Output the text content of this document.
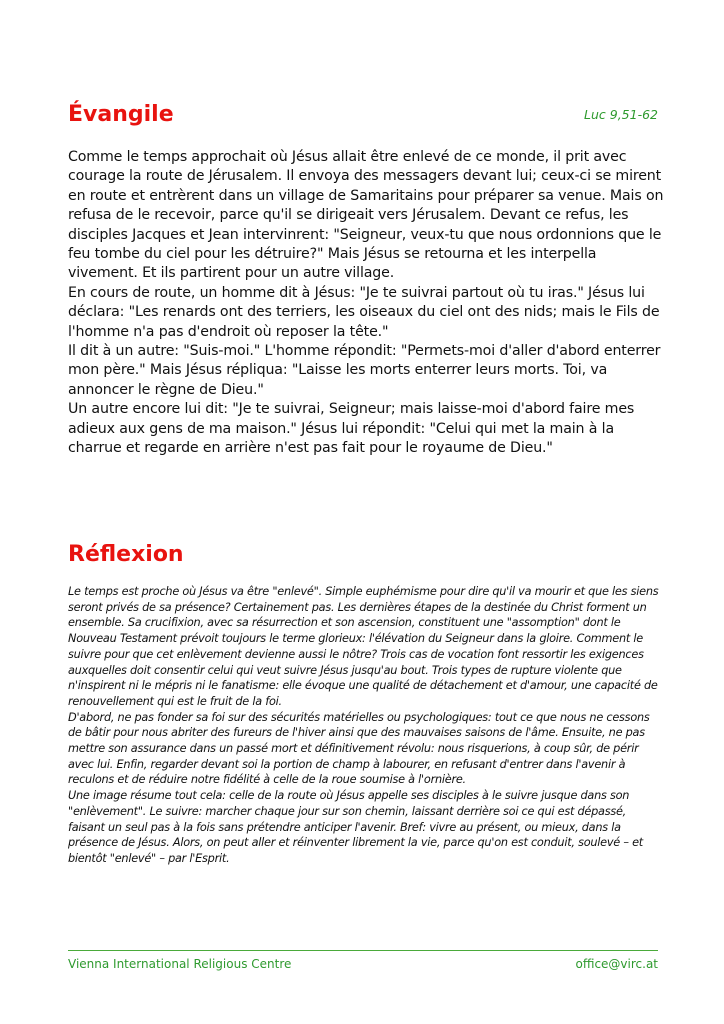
Évangile	Luc 9,51-62

Comme le temps approchait où Jésus allait être enlevé de ce monde, il prit avec courage la route de Jérusalem. Il envoya des messagers devant lui; ceux-ci se mirent en route et entrèrent dans un village de Samaritains pour préparer sa venue. Mais on refusa de le recevoir, parce qu'il se dirigeait vers Jérusalem. Devant ce refus, les disciples Jacques et Jean intervinrent: "Seigneur, veux-tu que nous ordonnions que le feu tombe du ciel pour les détruire?" Mais Jésus se retourna et les interpella vivement. Et ils partirent pour un autre village.

En cours de route, un homme dit à Jésus: "Je te suivrai partout où tu iras." Jésus lui déclara: "Les renards ont des terriers, les oiseaux du ciel ont des nids; mais le Fils de l'homme n'a pas d'endroit où reposer la tête."

Il dit à un autre: "Suis-moi." L'homme répondit: "Permets-moi d'aller d'abord enterrer mon père." Mais Jésus répliqua: "Laisse les morts enterrer leurs morts. Toi, va annoncer le règne de Dieu."

Un autre encore lui dit: "Je te suivrai, Seigneur; mais laisse-moi d'abord faire mes adieux aux gens de ma maison." Jésus lui répondit: "Celui qui met la main à la charrue et regarde en arrière n'est pas fait pour le royaume de Dieu."

Réflexion

Le temps est proche où Jésus va être "enlevé". Simple euphémisme pour dire qu'il va mourir et que les siens seront privés de sa présence? Certainement pas. Les dernières étapes de la destinée du Christ forment un ensemble. Sa crucifixion, avec sa résurrection et son ascension, constituent une "assomption" dont le Nouveau Testament prévoit toujours le terme glorieux: l'élévation du Seigneur dans la gloire. Comment le suivre pour que cet enlèvement devienne aussi le nôtre? Trois cas de vocation font ressortir les exigences auxquelles doit consentir celui qui veut suivre Jésus jusqu'au bout. Trois types de rupture violente que n'inspirent ni le mépris ni le fanatisme: elle évoque une qualité de détachement et d'amour, une capacité de renouvellement qui est le fruit de la foi.

D'abord, ne pas fonder sa foi sur des sécurités matérielles ou psychologiques: tout ce que nous ne cessons de bâtir pour nous abriter des fureurs de l'hiver ainsi que des mauvaises saisons de l'âme. Ensuite, ne pas mettre son assurance dans un passé mort et définitivement révolu: nous risquerions, à coup sûr, de périr avec lui. Enfin, regarder devant soi la portion de champ à labourer, en refusant d'entrer dans l'avenir à reculons et de réduire notre fidélité à celle de la roue soumise à l'ornière.

Une image résume tout cela: celle de la route où Jésus appelle ses disciples à le suivre jusque dans son "enlèvement". Le suivre: marcher chaque jour sur son chemin, laissant derrière soi ce qui est dépassé, faisant un seul pas à la fois sans prétendre anticiper l'avenir. Bref: vivre au présent, ou mieux, dans la présence de Jésus. Alors, on peut aller et réinventer librement la vie, parce qu'on est conduit, soulevé – et bientôt "enlevé" – par l'Esprit.

Vienna International Religious Centre	office@virc.at
